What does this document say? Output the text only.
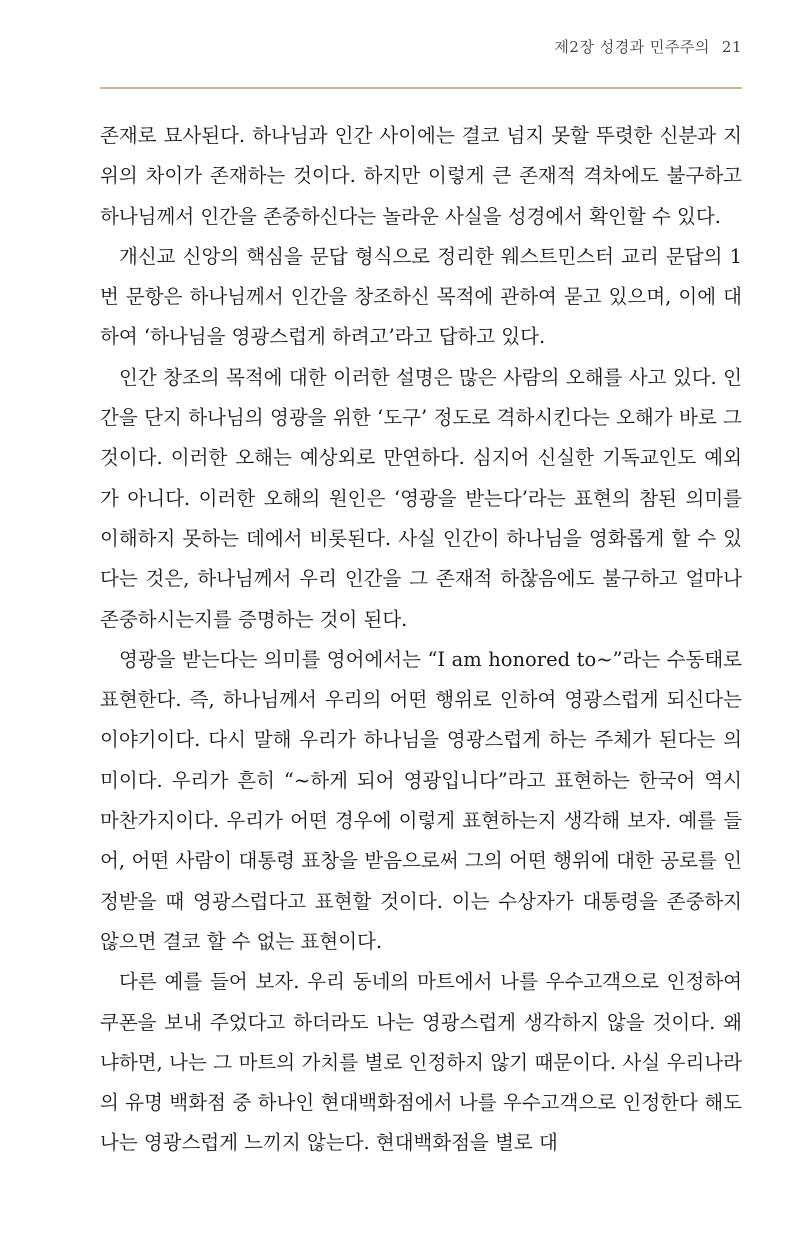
제2장 성경과 민주주의 21

존재로 묘사된다. 하나님과 인간 사이에는 결코 넘지 못할 뚜렷한 신분과 지위의 차이가 존재하는 것이다. 하지만 이렇게 큰 존재적 격차에도 불구하고 하나님께서 인간을 존중하신다는 놀라운 사실을 성경에서 확인할 수 있다.

개신교 신앙의 핵심을 문답 형식으로 정리한 웨스트민스터 교리 문답의 1번 문항은 하나님께서 인간을 창조하신 목적에 관하여 묻고 있으며, 이에 대하여 ‘하나님을 영광스럽게 하려고’라고 답하고 있다.

인간 창조의 목적에 대한 이러한 설명은 많은 사람의 오해를 사고 있다. 인간을 단지 하나님의 영광을 위한 ‘도구’ 정도로 격하시킨다는 오해가 바로 그것이다. 이러한 오해는 예상외로 만연하다. 심지어 신실한 기독교인도 예외가 아니다. 이러한 오해의 원인은 ‘영광을 받는다’라는 표현의 참된 의미를 이해하지 못하는 데에서 비롯된다. 사실 인간이 하나님을 영화롭게 할 수 있다는 것은, 하나님께서 우리 인간을 그 존재적 하찮음에도 불구하고 얼마나 존중하시는지를 증명하는 것이 된다.

영광을 받는다는 의미를 영어에서는 “I am honored to~”라는 수동태로 표현한다. 즉, 하나님께서 우리의 어떤 행위로 인하여 영광스럽게 되신다는 이야기이다. 다시 말해 우리가 하나님을 영광스럽게 하는 주체가 된다는 의미이다. 우리가 흔히 “~하게 되어 영광입니다”라고 표현하는 한국어 역시 마찬가지이다. 우리가 어떤 경우에 이렇게 표현하는지 생각해 보자. 예를 들어, 어떤 사람이 대통령 표창을 받음으로써 그의 어떤 행위에 대한 공로를 인정받을 때 영광스럽다고 표현할 것이다. 이는 수상자가 대통령을 존중하지 않으면 결코 할 수 없는 표현이다.

다른 예를 들어 보자. 우리 동네의 마트에서 나를 우수고객으로 인정하여 쿠폰을 보내 주었다고 하더라도 나는 영광스럽게 생각하지 않을 것이다. 왜냐하면, 나는 그 마트의 가치를 별로 인정하지 않기 때문이다. 사실 우리나라의 유명 백화점 중 하나인 현대백화점에서 나를 우수고객으로 인정한다 해도 나는 영광스럽게 느끼지 않는다. 현대백화점을 별로 대
